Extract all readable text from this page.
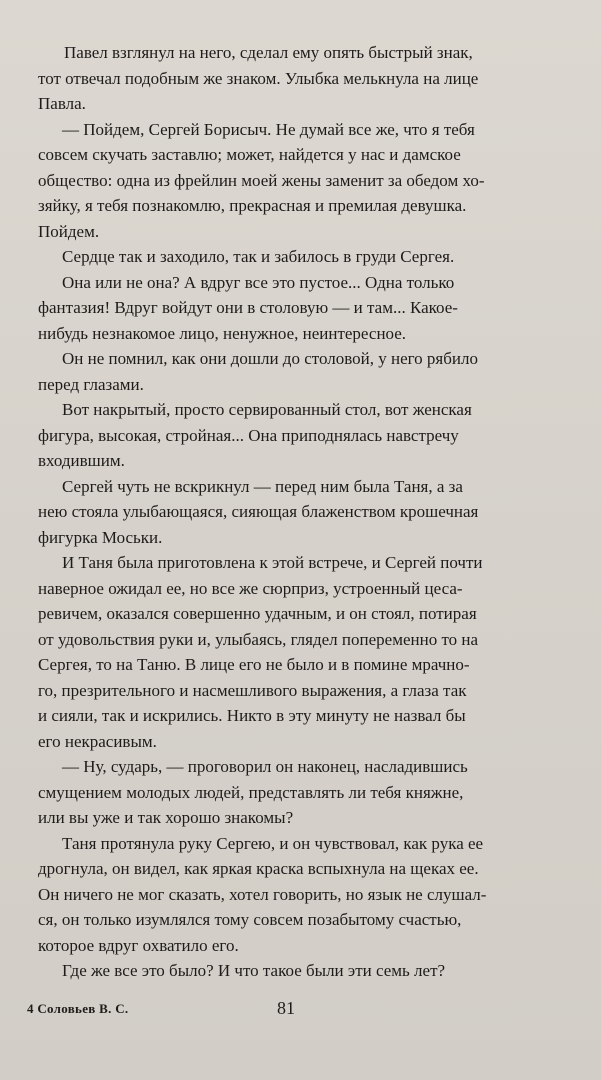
Павел взглянул на него, сделал ему опять быстрый знак,

тот отвечал подобным же знаком. Улыбка мелькнула на лице

Павла.

— Пойдем, Сергей Борисыч. Не думай все же, что я тебя

совсем скучать заставлю; может, найдется у нас и дамское

общество: одна из фрейлин моей жены заменит за обедом хо-

зяйку, я тебя познакомлю, прекрасная и премилая девушка.

Пойдем.

Сердце так и заходило, так и забилось в груди Сергея.

Она или не она? А вдруг все это пустое... Одна только

фантазия! Вдруг войдут они в столовую — и там... Какое-

нибудь незнакомое лицо, ненужное, неинтересное.

Он не помнил, как они дошли до столовой, у него рябило

перед глазами.

Вот накрытый, просто сервированный стол, вот женская

фигура, высокая, стройная... Она приподнялась навстречу

входившим.

Сергей чуть не вскрикнул — перед ним была Таня, а за

нею стояла улыбающаяся, сияющая блаженством крошечная

фигурка Моськи.

И Таня была приготовлена к этой встрече, и Сергей почти

наверное ожидал ее, но все же сюрприз, устроенный цеса-

ревичем, оказался совершенно удачным, и он стоял, потирая

от удовольствия руки и, улыбаясь, глядел попеременно то на

Сергея, то на Таню. В лице его не было и в помине мрачно-

го, презрительного и насмешливого выражения, а глаза так

и сияли, так и искрились. Никто в эту минуту не назвал бы

его некрасивым.

— Ну, сударь, — проговорил он наконец, насладившись

смущением молодых людей, представлять ли тебя княжне,

или вы уже и так хорошо знакомы?

Таня протянула руку Сергею, и он чувствовал, как рука ее

дрогнула, он видел, как яркая краска вспыхнула на щеках ее.

Он ничего не мог сказать, хотел говорить, но язык не слушал-

ся, он только изумлялся тому совсем позабытому счастью,

которое вдруг охватило его.

Где же все это было? И что такое были эти семь лет?

4 Соловьев В. С.	81
